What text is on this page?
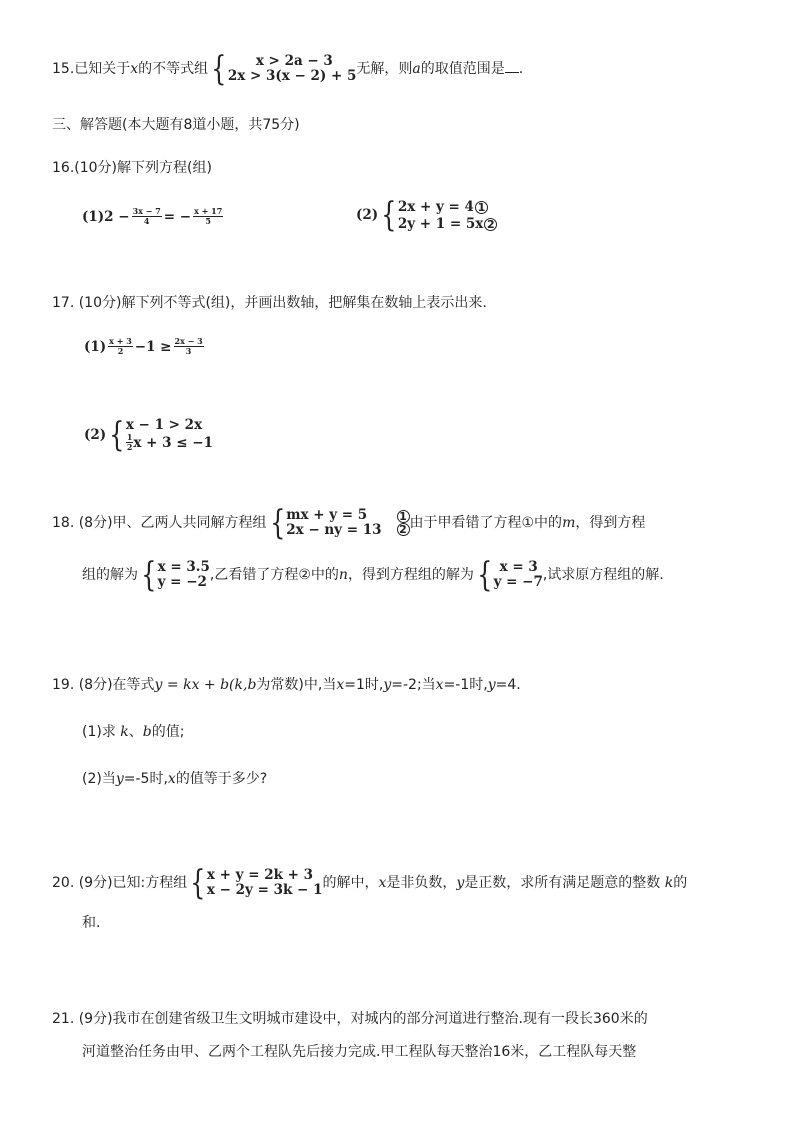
15.已知关于x的不等式组 {	x > 2a − 3
2x > 3(x − 2) + 5 无解，则a的取值范围是 .
三、解答题(本大题有8道小题，共75分)
16.(10分)解下列方程(组)
$(1)2 - \frac{3x - 7}{4}$ = − $\frac{x + 17}{5}$	(2) { 2x + y = 4 1
2y + 1 = 5x 2
17. (10分)解下列不等式(组)，并画出数轴，把解集在数轴上表示出来.
$(1) \frac{x + 3}{2} -1 \ge \frac{2x - 3}{3}$
(2) { x − 1 > 2x
$\frac{1}{2}$ x + 3 ≤ −1
18. (8分)甲、乙两人共同解方程组 { mx + y = 5
2x − ny = 13
1
2 由于甲看错了方程①中的m，得到方程
组的解为 { x = 3.5
y = −2 ,乙看错了方程②中的n，得到方程组的解为 { x = 3
y = −7 ,试求原方程组的解.
19. (8分)在等式y = kx + b(k,b为常数)中,当x=1时,y=-2;当x=-1时,y=4.
(1)求 k、b的值;
(2)当y=-5时,x的值等于多少?
20. (9分)已知:方程组 { x + y = 2k + 3
x − 2y = 3k − 1 的解中，x是非负数，y是正数，求所有满足题意的整数 k的
和.
21. (9分)我市在创建省级卫生文明城市建设中，对城内的部分河道进行整治.现有一段长360米的
河道整治任务由甲、乙两个工程队先后接力完成.甲工程队每天整治16米，乙工程队每天整
